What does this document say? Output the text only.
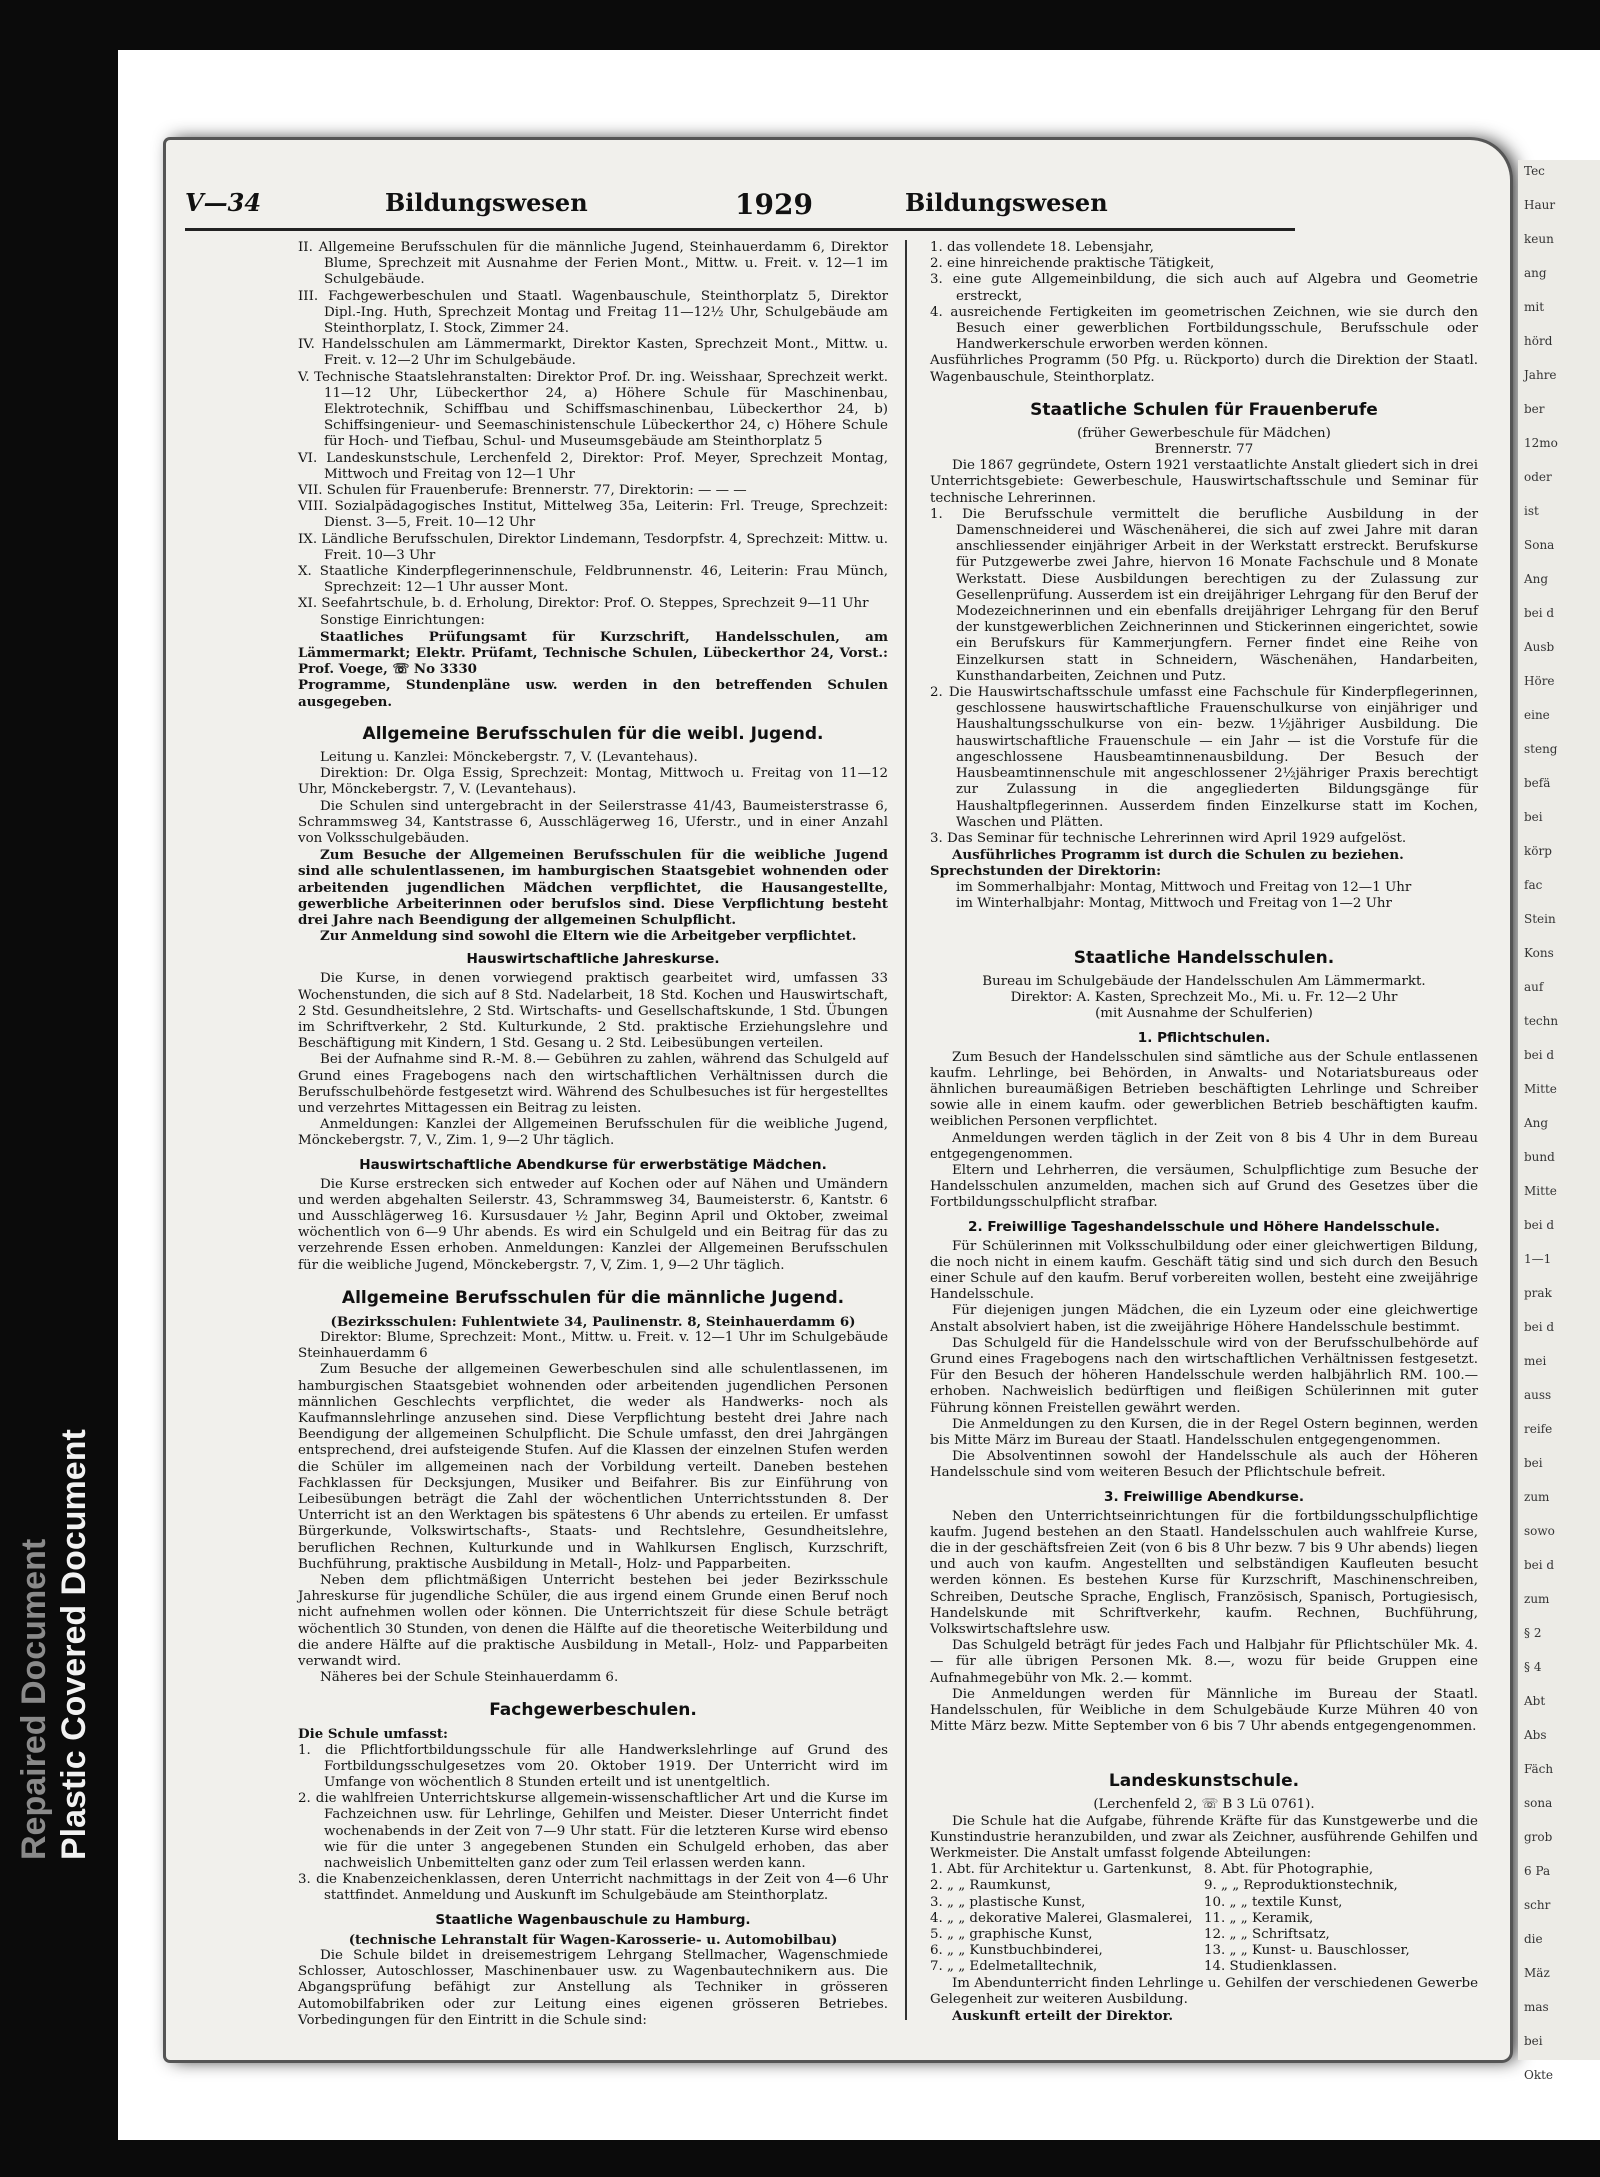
Repaired Document Plastic Covered Document
Tec
Haur
keun
ang
mit
hörd
Jahre
ber
12mo
oder
ist
Sona
Ang
bei d
Ausb
Höre
eine
steng
befä
bei
körp
fac
Stein
Kons
auf
techn
bei d
Mitte
Ang
bund
Mitte
bei d
1—1
prak
bei d
mei
auss
reife
bei
zum
sowo
bei d
zum
§ 2
§ 4
Abt
Abs
Fäch
sona
grob
6 Pa
schr
die
Mäz
mas
bei
Okte
V—34	Bildungswesen	1929	Bildungswesen

II. Allgemeine Berufsschulen für die männliche Jugend, Steinhauerdamm 6, Direktor Blume, Sprechzeit mit Ausnahme der Ferien Mont., Mittw. u. Freit. v. 12—1 im Schulgebäude.

III. Fachgewerbeschulen und Staatl. Wagenbauschule, Steinthorplatz 5, Direktor Dipl.-Ing. Huth, Sprechzeit Montag und Freitag 11—12½ Uhr, Schulgebäude am Steinthorplatz, I. Stock, Zimmer 24.

IV. Handelsschulen am Lämmermarkt, Direktor Kasten, Sprechzeit Mont., Mittw. u. Freit. v. 12—2 Uhr im Schulgebäude.

V. Technische Staatslehranstalten: Direktor Prof. Dr. ing. Weisshaar, Sprechzeit werkt. 11—12 Uhr, Lübeckerthor 24, a) Höhere Schule für Maschinenbau, Elektrotechnik, Schiffbau und Schiffsmaschinenbau, Lübeckerthor 24, b) Schiffsingenieur- und Seemaschinistenschule Lübeckerthor 24, c) Höhere Schule für Hoch- und Tiefbau, Schul- und Museumsgebäude am Steinthorplatz 5

VI. Landeskunstschule, Lerchenfeld 2, Direktor: Prof. Meyer, Sprechzeit Montag, Mittwoch und Freitag von 12—1 Uhr

VII. Schulen für Frauenberufe: Brennerstr. 77, Direktorin: — — —

VIII. Sozialpädagogisches Institut, Mittelweg 35a, Leiterin: Frl. Treuge, Sprechzeit: Dienst. 3—5, Freit. 10—12 Uhr

IX. Ländliche Berufsschulen, Direktor Lindemann, Tesdorpfstr. 4, Sprechzeit: Mittw. u. Freit. 10—3 Uhr

X. Staatliche Kinderpflegerinnenschule, Feldbrunnenstr. 46, Leiterin: Frau Münch, Sprechzeit: 12—1 Uhr ausser Mont.

XI. Seefahrtschule, b. d. Erholung, Direktor: Prof. O. Steppes, Sprechzeit 9—11 Uhr

Sonstige Einrichtungen:

Staatliches Prüfungsamt für Kurzschrift, Handelsschulen, am Lämmermarkt; Elektr. Prüfamt, Technische Schulen, Lübeckerthor 24, Vorst.: Prof. Voege, ☏ No 3330

Programme, Stundenpläne usw. werden in den betreffenden Schulen ausgegeben.

Allgemeine Berufsschulen für die weibl. Jugend.

Leitung u. Kanzlei: Mönckebergstr. 7, V. (Levantehaus).

Direktion: Dr. Olga Essig, Sprechzeit: Montag, Mittwoch u. Freitag von 11—12 Uhr, Mönckebergstr. 7, V. (Levantehaus).

Die Schulen sind untergebracht in der Seilerstrasse 41/43, Baumeisterstrasse 6, Schrammsweg 34, Kantstrasse 6, Ausschlägerweg 16, Uferstr., und in einer Anzahl von Volksschulgebäuden.

Zum Besuche der Allgemeinen Berufsschulen für die weibliche Jugend sind alle schulentlassenen, im hamburgischen Staatsgebiet wohnenden oder arbeitenden jugendlichen Mädchen verpflichtet, die Hausangestellte, gewerbliche Arbeiterinnen oder berufslos sind. Diese Verpflichtung besteht drei Jahre nach Beendigung der allgemeinen Schulpflicht.

Zur Anmeldung sind sowohl die Eltern wie die Arbeitgeber verpflichtet.

Hauswirtschaftliche Jahreskurse.

Die Kurse, in denen vorwiegend praktisch gearbeitet wird, umfassen 33 Wochenstunden, die sich auf 8 Std. Nadelarbeit, 18 Std. Kochen und Hauswirtschaft, 2 Std. Gesundheitslehre, 2 Std. Wirtschafts- und Gesellschaftskunde, 1 Std. Übungen im Schriftverkehr, 2 Std. Kulturkunde, 2 Std. praktische Erziehungslehre und Beschäftigung mit Kindern, 1 Std. Gesang u. 2 Std. Leibesübungen verteilen.

Bei der Aufnahme sind R.-M. 8.— Gebühren zu zahlen, während das Schulgeld auf Grund eines Fragebogens nach den wirtschaftlichen Verhältnissen durch die Berufsschulbehörde festgesetzt wird. Während des Schulbesuches ist für hergestelltes und verzehrtes Mittagessen ein Beitrag zu leisten.

Anmeldungen: Kanzlei der Allgemeinen Berufsschulen für die weibliche Jugend, Mönckebergstr. 7, V., Zim. 1, 9—2 Uhr täglich.

Hauswirtschaftliche Abendkurse für erwerbstätige Mädchen.

Die Kurse erstrecken sich entweder auf Kochen oder auf Nähen und Umändern und werden abgehalten Seilerstr. 43, Schrammsweg 34, Baumeisterstr. 6, Kantstr. 6 und Ausschlägerweg 16. Kursusdauer ½ Jahr, Beginn April und Oktober, zweimal wöchentlich von 6—9 Uhr abends. Es wird ein Schulgeld und ein Beitrag für das zu verzehrende Essen erhoben. Anmeldungen: Kanzlei der Allgemeinen Berufsschulen für die weibliche Jugend, Mönckebergstr. 7, V, Zim. 1, 9—2 Uhr täglich.

Allgemeine Berufsschulen für die männliche Jugend.

(Bezirksschulen: Fuhlentwiete 34, Paulinenstr. 8, Steinhauerdamm 6)

Direktor: Blume, Sprechzeit: Mont., Mittw. u. Freit. v. 12—1 Uhr im Schulgebäude Steinhauerdamm 6

Zum Besuche der allgemeinen Gewerbeschulen sind alle schulentlassenen, im hamburgischen Staatsgebiet wohnenden oder arbeitenden jugendlichen Personen männlichen Geschlechts verpflichtet, die weder als Handwerks- noch als Kaufmannslehrlinge anzusehen sind. Diese Verpflichtung besteht drei Jahre nach Beendigung der allgemeinen Schulpflicht. Die Schule umfasst, den drei Jahrgängen entsprechend, drei aufsteigende Stufen. Auf die Klassen der einzelnen Stufen werden die Schüler im allgemeinen nach der Vorbildung verteilt. Daneben bestehen Fachklassen für Decksjungen, Musiker und Beifahrer. Bis zur Einführung von Leibesübungen beträgt die Zahl der wöchentlichen Unterrichtsstunden 8. Der Unterricht ist an den Werktagen bis spätestens 6 Uhr abends zu erteilen. Er umfasst Bürgerkunde, Volkswirtschafts-, Staats- und Rechtslehre, Gesundheitslehre, beruflichen Rechnen, Kulturkunde und in Wahlkursen Englisch, Kurzschrift, Buchführung, praktische Ausbildung in Metall-, Holz- und Papparbeiten.

Neben dem pflichtmäßigen Unterricht bestehen bei jeder Bezirksschule Jahreskurse für jugendliche Schüler, die aus irgend einem Grunde einen Beruf noch nicht aufnehmen wollen oder können. Die Unterrichtszeit für diese Schule beträgt wöchentlich 30 Stunden, von denen die Hälfte auf die theoretische Weiterbildung und die andere Hälfte auf die praktische Ausbildung in Metall-, Holz- und Papparbeiten verwandt wird.

Näheres bei der Schule Steinhauerdamm 6.

Fachgewerbeschulen.

Die Schule umfasst:

1. die Pflichtfortbildungsschule für alle Handwerkslehrlinge auf Grund des Fortbildungsschulgesetzes vom 20. Oktober 1919. Der Unterricht wird im Umfange von wöchentlich 8 Stunden erteilt und ist unentgeltlich.

2. die wahlfreien Unterrichtskurse allgemein-wissenschaftlicher Art und die Kurse im Fachzeichnen usw. für Lehrlinge, Gehilfen und Meister. Dieser Unterricht findet wochenabends in der Zeit von 7—9 Uhr statt. Für die letzteren Kurse wird ebenso wie für die unter 3 angegebenen Stunden ein Schulgeld erhoben, das aber nachweislich Unbemittelten ganz oder zum Teil erlassen werden kann.

3. die Knabenzeichenklassen, deren Unterricht nachmittags in der Zeit von 4—6 Uhr stattfindet. Anmeldung und Auskunft im Schulgebäude am Steinthorplatz.

Staatliche Wagenbauschule zu Hamburg.

(technische Lehranstalt für Wagen-Karosserie- u. Automobilbau)

Die Schule bildet in dreisemestrigem Lehrgang Stellmacher, Wagenschmiede Schlosser, Autoschlosser, Maschinenbauer usw. zu Wagenbautechnikern aus. Die Abgangsprüfung befähigt zur Anstellung als Techniker in grösseren Automobilfabriken oder zur Leitung eines eigenen grösseren Betriebes. Vorbedingungen für den Eintritt in die Schule sind:

1. das vollendete 18. Lebensjahr,

2. eine hinreichende praktische Tätigkeit,

3. eine gute Allgemeinbildung, die sich auch auf Algebra und Geometrie erstreckt,

4. ausreichende Fertigkeiten im geometrischen Zeichnen, wie sie durch den Besuch einer gewerblichen Fortbildungsschule, Berufsschule oder Handwerkerschule erworben werden können.

Ausführliches Programm (50 Pfg. u. Rückporto) durch die Direktion der Staatl. Wagenbauschule, Steinthorplatz.

Staatliche Schulen für Frauenberufe

(früher Gewerbeschule für Mädchen)

Brennerstr. 77

Die 1867 gegründete, Ostern 1921 verstaatlichte Anstalt gliedert sich in drei Unterrichtsgebiete: Gewerbeschule, Hauswirtschaftsschule und Seminar für technische Lehrerinnen.

1. Die Berufsschule vermittelt die berufliche Ausbildung in der Damenschneiderei und Wäschenäherei, die sich auf zwei Jahre mit daran anschliessender einjähriger Arbeit in der Werkstatt erstreckt. Berufskurse für Putzgewerbe zwei Jahre, hiervon 16 Monate Fachschule und 8 Monate Werkstatt. Diese Ausbildungen berechtigen zu der Zulassung zur Gesellenprüfung. Ausserdem ist ein dreijähriger Lehrgang für den Beruf der Modezeichnerinnen und ein ebenfalls dreijähriger Lehrgang für den Beruf der kunstgewerblichen Zeichnerinnen und Stickerinnen eingerichtet, sowie ein Berufskurs für Kammerjungfern. Ferner findet eine Reihe von Einzelkursen statt in Schneidern, Wäschenähen, Handarbeiten, Kunsthandarbeiten, Zeichnen und Putz.

2. Die Hauswirtschaftsschule umfasst eine Fachschule für Kinderpflegerinnen, geschlossene hauswirtschaftliche Frauenschulkurse von einjähriger und Haushaltungsschulkurse von ein- bezw. 1½jähriger Ausbildung. Die hauswirtschaftliche Frauenschule — ein Jahr — ist die Vorstufe für die angeschlossene Hausbeamtinnenausbildung. Der Besuch der Hausbeamtinnenschule mit angeschlossener 2½jähriger Praxis berechtigt zur Zulassung in die angegliederten Bildungsgänge für Haushaltpflegerinnen. Ausserdem finden Einzelkurse statt im Kochen, Waschen und Plätten.

3. Das Seminar für technische Lehrerinnen wird April 1929 aufgelöst.

Ausführliches Programm ist durch die Schulen zu beziehen.

Sprechstunden der Direktorin:

im Sommerhalbjahr: Montag, Mittwoch und Freitag von 12—1 Uhr

im Winterhalbjahr: Montag, Mittwoch und Freitag von 1—2 Uhr

Staatliche Handelsschulen.

Bureau im Schulgebäude der Handelsschulen Am Lämmermarkt.

Direktor: A. Kasten, Sprechzeit Mo., Mi. u. Fr. 12—2 Uhr

(mit Ausnahme der Schulferien)

1. Pflichtschulen.

Zum Besuch der Handelsschulen sind sämtliche aus der Schule entlassenen kaufm. Lehrlinge, bei Behörden, in Anwalts- und Notariatsbureaus oder ähnlichen bureaumäßigen Betrieben beschäftigten Lehrlinge und Schreiber sowie alle in einem kaufm. oder gewerblichen Betrieb beschäftigten kaufm. weiblichen Personen verpflichtet.

Anmeldungen werden täglich in der Zeit von 8 bis 4 Uhr in dem Bureau entgegengenommen.

Eltern und Lehrherren, die versäumen, Schulpflichtige zum Besuche der Handelsschulen anzumelden, machen sich auf Grund des Gesetzes über die Fortbildungsschulpflicht strafbar.

2. Freiwillige Tageshandelsschule und Höhere Handelsschule.

Für Schülerinnen mit Volksschulbildung oder einer gleichwertigen Bildung, die noch nicht in einem kaufm. Geschäft tätig sind und sich durch den Besuch einer Schule auf den kaufm. Beruf vorbereiten wollen, besteht eine zweijährige Handelsschule.

Für diejenigen jungen Mädchen, die ein Lyzeum oder eine gleichwertige Anstalt absolviert haben, ist die zweijährige Höhere Handelsschule bestimmt.

Das Schulgeld für die Handelsschule wird von der Berufsschulbehörde auf Grund eines Fragebogens nach den wirtschaftlichen Verhältnissen festgesetzt. Für den Besuch der höheren Handelsschule werden halbjährlich RM. 100.— erhoben. Nachweislich bedürftigen und fleißigen Schülerinnen mit guter Führung können Freistellen gewährt werden.

Die Anmeldungen zu den Kursen, die in der Regel Ostern beginnen, werden bis Mitte März im Bureau der Staatl. Handelsschulen entgegengenommen.

Die Absolventinnen sowohl der Handelsschule als auch der Höheren Handelsschule sind vom weiteren Besuch der Pflichtschule befreit.

3. Freiwillige Abendkurse.

Neben den Unterrichtseinrichtungen für die fortbildungsschulpflichtige kaufm. Jugend bestehen an den Staatl. Handelsschulen auch wahlfreie Kurse, die in der geschäftsfreien Zeit (von 6 bis 8 Uhr bezw. 7 bis 9 Uhr abends) liegen und auch von kaufm. Angestellten und selbständigen Kaufleuten besucht werden können. Es bestehen Kurse für Kurzschrift, Maschinenschreiben, Schreiben, Deutsche Sprache, Englisch, Französisch, Spanisch, Portugiesisch, Handelskunde mit Schriftverkehr, kaufm. Rechnen, Buchführung, Volkswirtschaftslehre usw.

Das Schulgeld beträgt für jedes Fach und Halbjahr für Pflichtschüler Mk. 4.— für alle übrigen Personen Mk. 8.—, wozu für beide Gruppen eine Aufnahmegebühr von Mk. 2.— kommt.

Die Anmeldungen werden für Männliche im Bureau der Staatl. Handelsschulen, für Weibliche in dem Schulgebäude Kurze Mühren 40 von Mitte März bezw. Mitte September von 6 bis 7 Uhr abends entgegengenommen.

Landeskunstschule.

(Lerchenfeld 2, ☏ B 3 Lü 0761).

Die Schule hat die Aufgabe, führende Kräfte für das Kunstgewerbe und die Kunstindustrie heranzubilden, und zwar als Zeichner, ausführende Gehilfen und Werkmeister. Die Anstalt umfasst folgende Abteilungen:

1. Abt. für Architektur u. Gartenkunst,	8. Abt. für Photographie,
2. „ „ Raumkunst,	9. „ „ Reproduktionstechnik,
3. „ „ plastische Kunst,	10. „ „ textile Kunst,
4. „ „ dekorative Malerei, Glasmalerei,	11. „ „ Keramik,
5. „ „ graphische Kunst,	12. „ „ Schriftsatz,
6. „ „ Kunstbuchbinderei,	13. „ „ Kunst- u. Bauschlosser,
7. „ „ Edelmetalltechnik,	14. Studienklassen.

Im Abendunterricht finden Lehrlinge u. Gehilfen der verschiedenen Gewerbe Gelegenheit zur weiteren Ausbildung.

Auskunft erteilt der Direktor.
